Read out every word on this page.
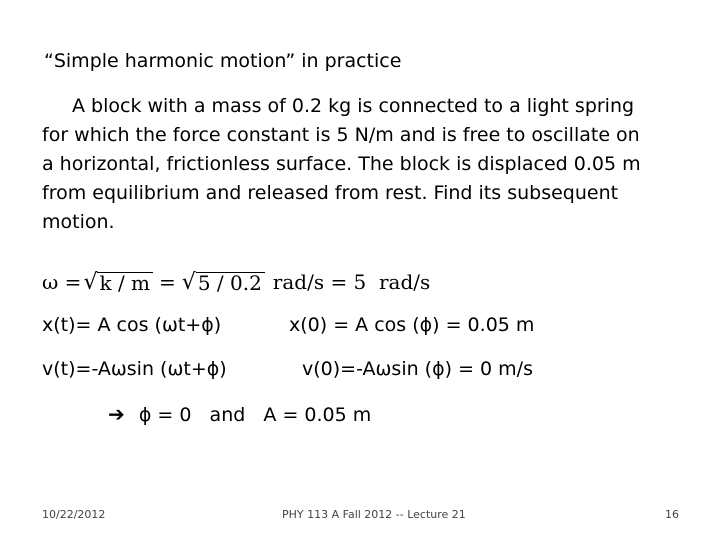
“Simple harmonic motion” in practice
A block with a mass of 0.2 kg is connected to a light spring
for which the force constant is 5 N/m and is free to oscillate on
a horizontal, frictionless surface. The block is displaced 0.05 m
from equilibrium and released from rest. Find its subsequent
motion.
ω = √ k / m = √ 5 / 0.2 rad/s = 5  rad/s
x(t)= A cos (ωt+ϕ)	x(0) = A cos (ϕ) = 0.05 m
v(t)=-Aωsin (ωt+ϕ)	v(0)=-Aωsin (ϕ) = 0 m/s
➔ ϕ = 0   and   A = 0.05 m
10/22/2012	PHY 113 A Fall 2012 -- Lecture 21	16
